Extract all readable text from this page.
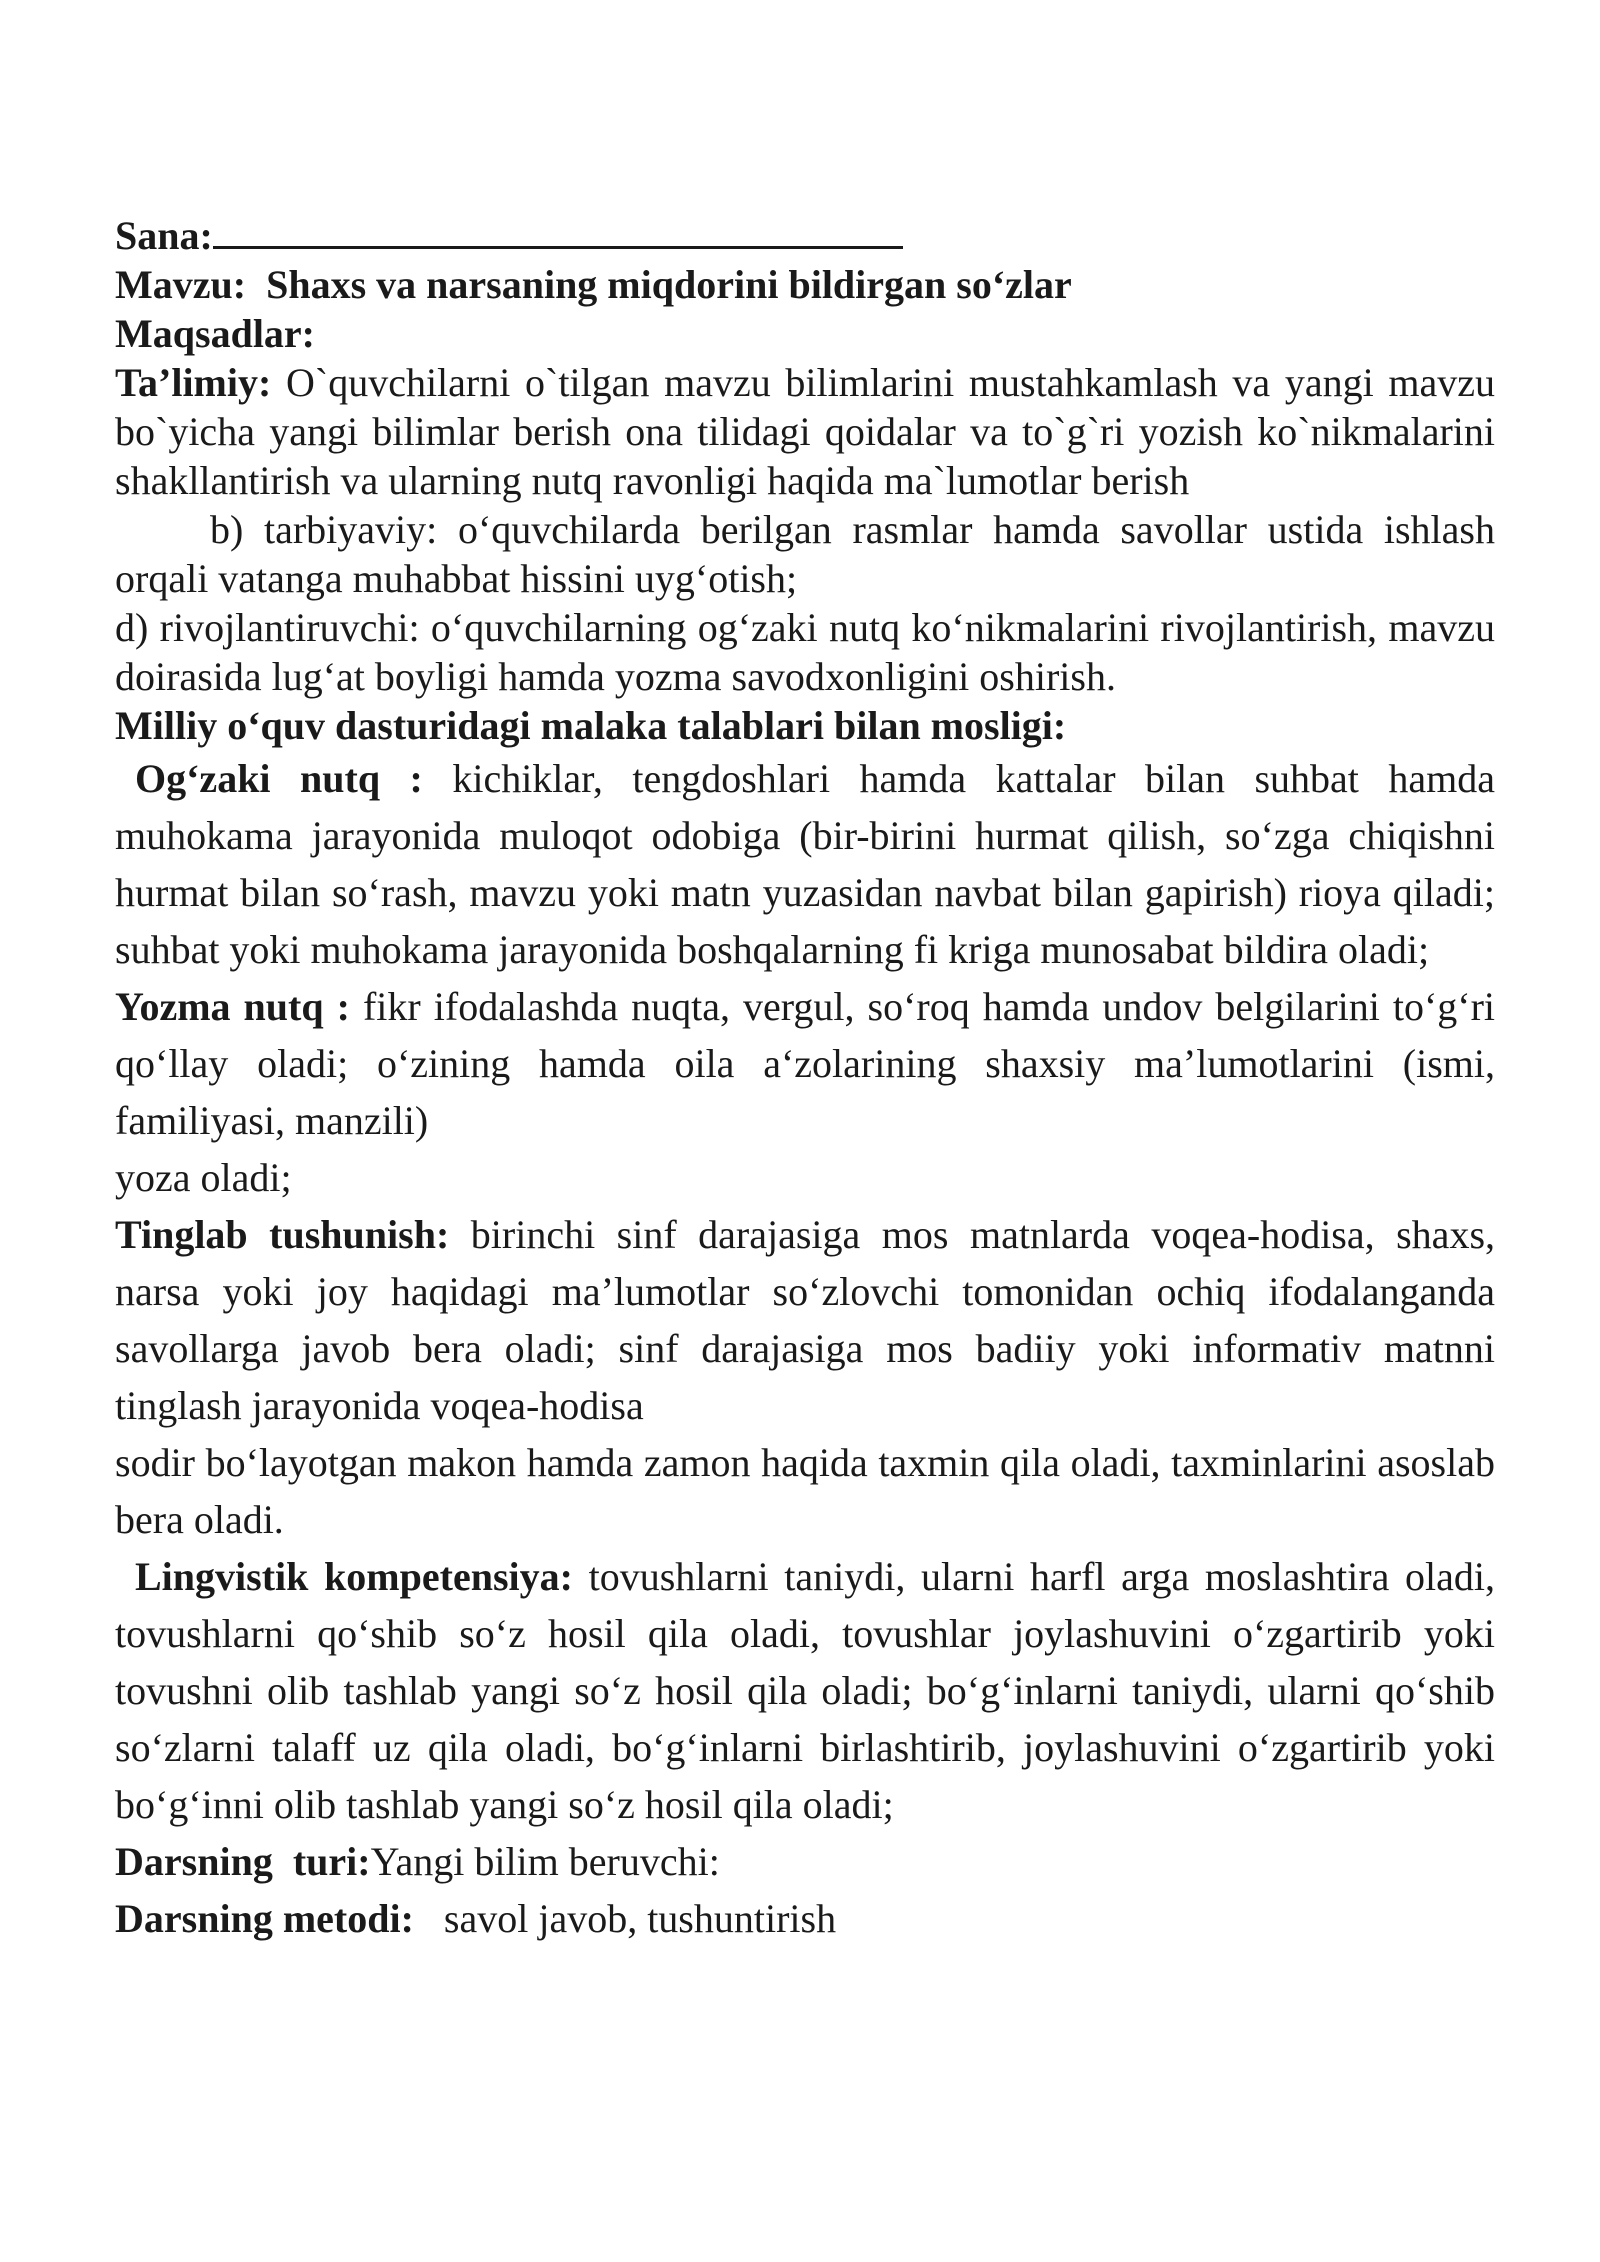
Sana:

Mavzu: Shaxs va narsaning miqdorini bildirgan so‘zlar

Maqsadlar:

Ta’limiy: O`quvchilarni o`tilgan mavzu bilimlarini mustahkamlash va yangi mavzu bo`yicha yangi bilimlar berish ona tilidagi qoidalar va to`g`ri yozish ko`nikmalarini shakllantirish va ularning nutq ravonligi haqida ma`lumotlar berish

b) tarbiyaviy: o‘quvchilarda berilgan rasmlar hamda savollar ustida ishlash orqali vatanga muhabbat hissini uyg‘otish;

d) rivojlantiruvchi: o‘quvchilarning og‘zaki nutq ko‘nikmalarini rivojlantirish, mavzu doirasida lug‘at boyligi hamda yozma savodxonligini oshirish.

Milliy o‘quv dasturidagi malaka talablari bilan mosligi:

Og‘zaki nutq : kichiklar, tengdoshlari hamda kattalar bilan suhbat hamda muhokama jarayonida muloqot odobiga (bir-birini hurmat qilish, so‘zga chiqishni hurmat bilan so‘rash, mavzu yoki matn yuzasidan navbat bilan gapirish) rioya qiladi; suhbat yoki muhokama jarayonida boshqalarning fi kriga munosabat bildira oladi;

Yozma nutq : fikr ifodalashda nuqta, vergul, so‘roq hamda undov belgilarini to‘g‘ri qo‘llay oladi; o‘zining hamda oila a‘zolarining shaxsiy ma’lumotlarini (ismi, familiyasi, manzili)

yoza oladi;

Tinglab tushunish: birinchi sinf darajasiga mos matnlarda voqea-hodisa, shaxs, narsa yoki joy haqidagi ma’lumotlar so‘zlovchi tomonidan ochiq ifodalanganda savollarga javob bera oladi; sinf darajasiga mos badiiy yoki informativ matnni tinglash jarayonida voqea-hodisa

sodir bo‘layotgan makon hamda zamon haqida taxmin qila oladi, taxminlarini asoslab bera oladi.

Lingvistik kompetensiya: tovushlarni taniydi, ularni harfl arga moslashtira oladi, tovushlarni qo‘shib so‘z hosil qila oladi, tovushlar joylashuvini o‘zgartirib yoki tovushni olib tashlab yangi so‘z hosil qila oladi; bo‘g‘inlarni taniydi, ularni qo‘shib so‘zlarni talaff uz qila oladi, bo‘g‘inlarni birlashtirib, joylashuvini o‘zgartirib yoki bo‘g‘inni olib tashlab yangi so‘z hosil qila oladi;

Darsning  turi:Yangi bilim beruvchi:

Darsning metodi: savol javob, tushuntirish
